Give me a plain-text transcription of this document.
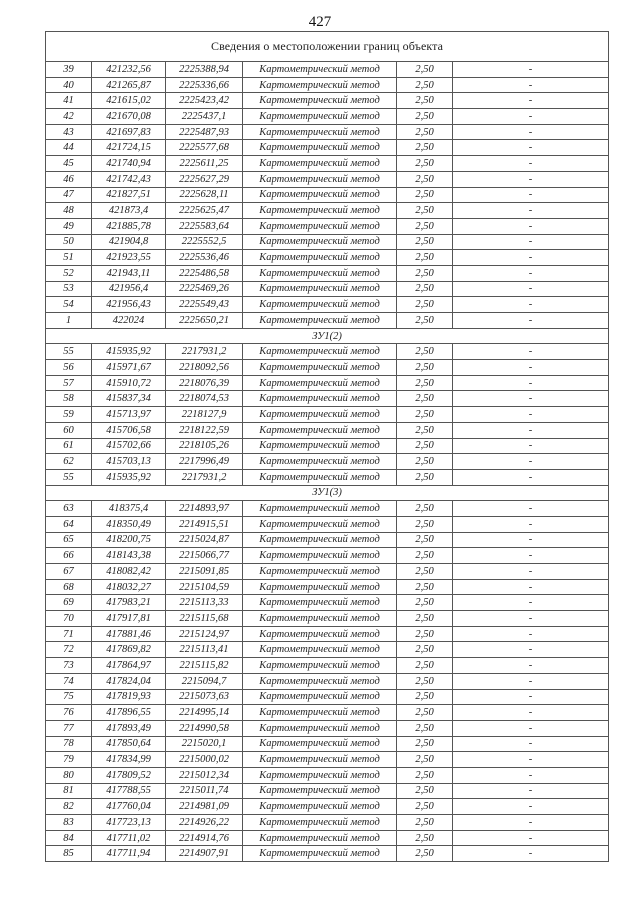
427
Сведения о местоположении границ объекта					
39	421232,56	2225388,94	Картометрический метод	2,50	-
40	421265,87	2225336,66	Картометрический метод	2,50	-
41	421615,02	2225423,42	Картометрический метод	2,50	-
42	421670,08	2225437,1	Картометрический метод	2,50	-
43	421697,83	2225487,93	Картометрический метод	2,50	-
44	421724,15	2225577,68	Картометрический метод	2,50	-
45	421740,94	2225611,25	Картометрический метод	2,50	-
46	421742,43	2225627,29	Картометрический метод	2,50	-
47	421827,51	2225628,11	Картометрический метод	2,50	-
48	421873,4	2225625,47	Картометрический метод	2,50	-
49	421885,78	2225583,64	Картометрический метод	2,50	-
50	421904,8	2225552,5	Картометрический метод	2,50	-
51	421923,55	2225536,46	Картометрический метод	2,50	-
52	421943,11	2225486,58	Картометрический метод	2,50	-
53	421956,4	2225469,26	Картометрический метод	2,50	-
54	421956,43	2225549,43	Картометрический метод	2,50	-
1	422024	2225650,21	Картометрический метод	2,50	-
ЗУ1(2)					
55	415935,92	2217931,2	Картометрический метод	2,50	-
56	415971,67	2218092,56	Картометрический метод	2,50	-
57	415910,72	2218076,39	Картометрический метод	2,50	-
58	415837,34	2218074,53	Картометрический метод	2,50	-
59	415713,97	2218127,9	Картометрический метод	2,50	-
60	415706,58	2218122,59	Картометрический метод	2,50	-
61	415702,66	2218105,26	Картометрический метод	2,50	-
62	415703,13	2217996,49	Картометрический метод	2,50	-
55	415935,92	2217931,2	Картометрический метод	2,50	-
ЗУ1(3)					
63	418375,4	2214893,97	Картометрический метод	2,50	-
64	418350,49	2214915,51	Картометрический метод	2,50	-
65	418200,75	2215024,87	Картометрический метод	2,50	-
66	418143,38	2215066,77	Картометрический метод	2,50	-
67	418082,42	2215091,85	Картометрический метод	2,50	-
68	418032,27	2215104,59	Картометрический метод	2,50	-
69	417983,21	2215113,33	Картометрический метод	2,50	-
70	417917,81	2215115,68	Картометрический метод	2,50	-
71	417881,46	2215124,97	Картометрический метод	2,50	-
72	417869,82	2215113,41	Картометрический метод	2,50	-
73	417864,97	2215115,82	Картометрический метод	2,50	-
74	417824,04	2215094,7	Картометрический метод	2,50	-
75	417819,93	2215073,63	Картометрический метод	2,50	-
76	417896,55	2214995,14	Картометрический метод	2,50	-
77	417893,49	2214990,58	Картометрический метод	2,50	-
78	417850,64	2215020,1	Картометрический метод	2,50	-
79	417834,99	2215000,02	Картометрический метод	2,50	-
80	417809,52	2215012,34	Картометрический метод	2,50	-
81	417788,55	2215011,74	Картометрический метод	2,50	-
82	417760,04	2214981,09	Картометрический метод	2,50	-
83	417723,13	2214926,22	Картометрический метод	2,50	-
84	417711,02	2214914,76	Картометрический метод	2,50	-
85	417711,94	2214907,91	Картометрический метод	2,50	-
